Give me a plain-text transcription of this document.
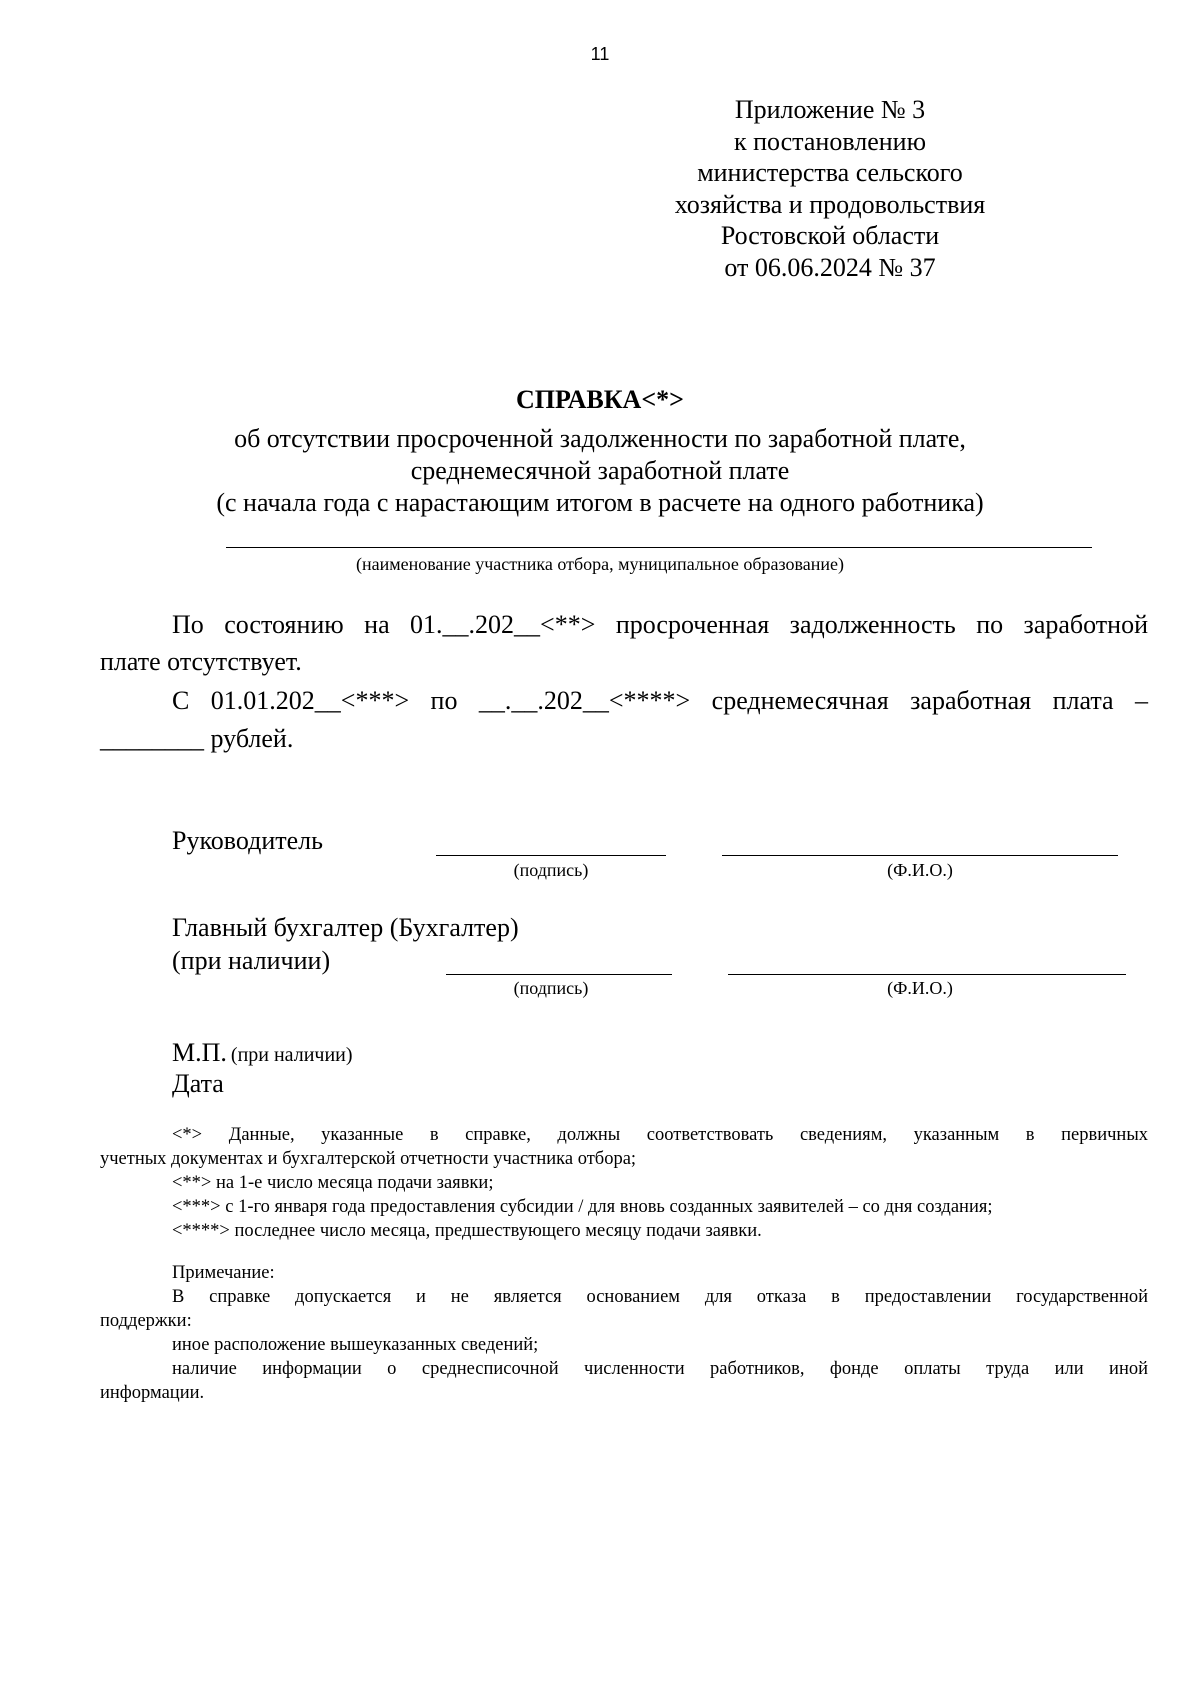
11
Приложение № 3
к постановлению
министерства сельского
хозяйства и продовольствия
Ростовской области
от 06.06.2024 № 37
СПРАВКА<*>
об отсутствии просроченной задолженности по заработной плате,
среднемесячной заработной плате
(с начала года с нарастающим итогом в расчете на одного работника)
(наименование участника отбора, муниципальное образование)
По состоянию на 01.__.202__<**> просроченная задолженность по заработной
плате отсутствует.
С 01.01.202__<***> по __.__.202__<****> среднемесячная заработная плата –
________ рублей.
Руководитель
(подпись)	(Ф.И.О.)
Главный бухгалтер (Бухгалтер)
(при наличии)
(подпись)	(Ф.И.О.)
М.П. (при наличии)
Дата
<*> Данные, указанные в справке, должны соответствовать сведениям, указанным в первичных
учетных документах и бухгалтерской отчетности участника отбора;
<**> на 1-е число месяца подачи заявки;
<***> с 1-го января года предоставления субсидии / для вновь созданных заявителей – со дня создания;
<****> последнее число месяца, предшествующего месяцу подачи заявки.
Примечание:
В справке допускается и не является основанием для отказа в предоставлении государственной
поддержки:
иное расположение вышеуказанных сведений;
наличие информации о среднесписочной численности работников, фонде оплаты труда или иной
информации.
